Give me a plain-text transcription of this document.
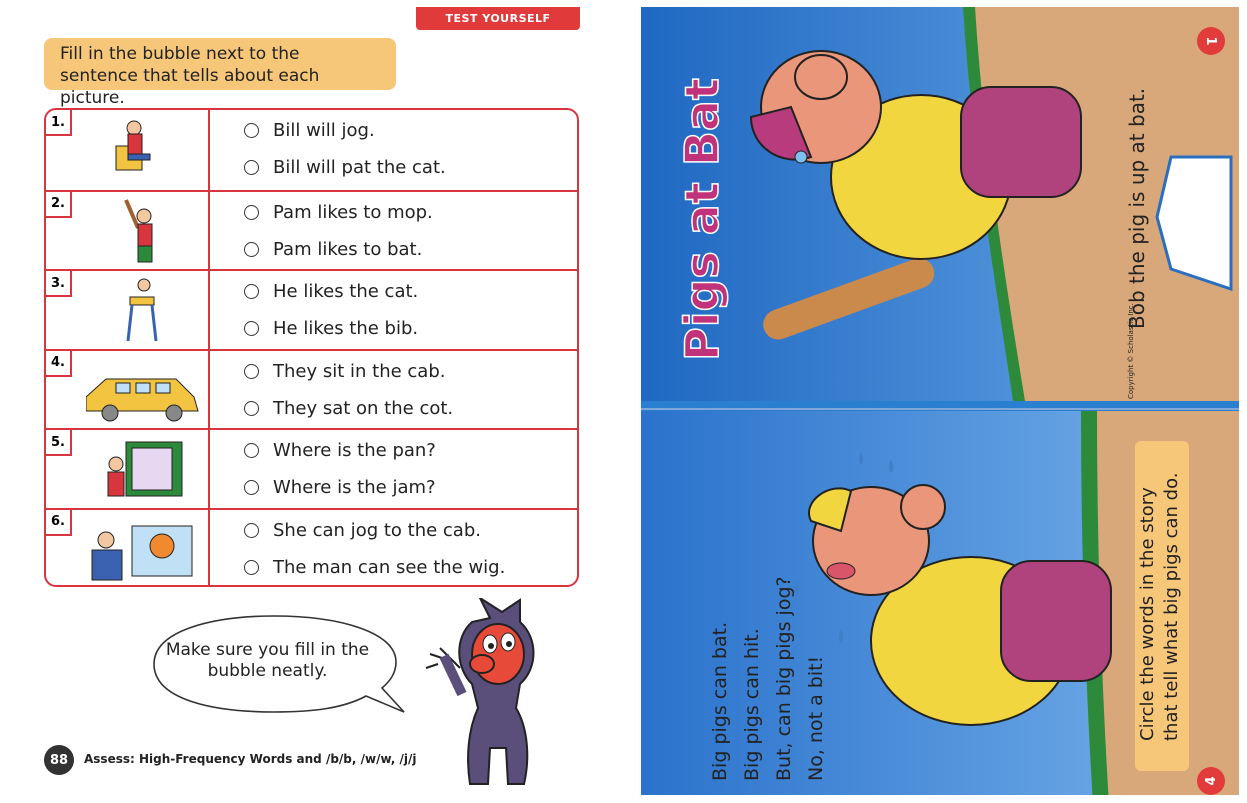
TEST YOURSELF
Fill in the bubble next to the sentence that tells about each picture.
1.	Bill will jog.
Bill will pat the cat.
2.	Pam likes to mop.
Pam likes to bat.
3.	He likes the cat.
He likes the bib.
4.	They sit in the cab.
They sat on the cot.
5.	Where is the pan?
Where is the jam?
6.	She can jog to the cab.
The man can see the wig.
Make sure you fill in the bubble neatly.
88	Assess: High-Frequency Words and /b/b, /w/w, /j/j
Pigs at Bat	Bob the pig is up at bat.
Copyright © Scholastic Inc.
1
Big pigs can bat. Big pigs can hit. But, can big pigs jog? No, not a bit!	Circle the words in the story that tell what big pigs can do.
4
